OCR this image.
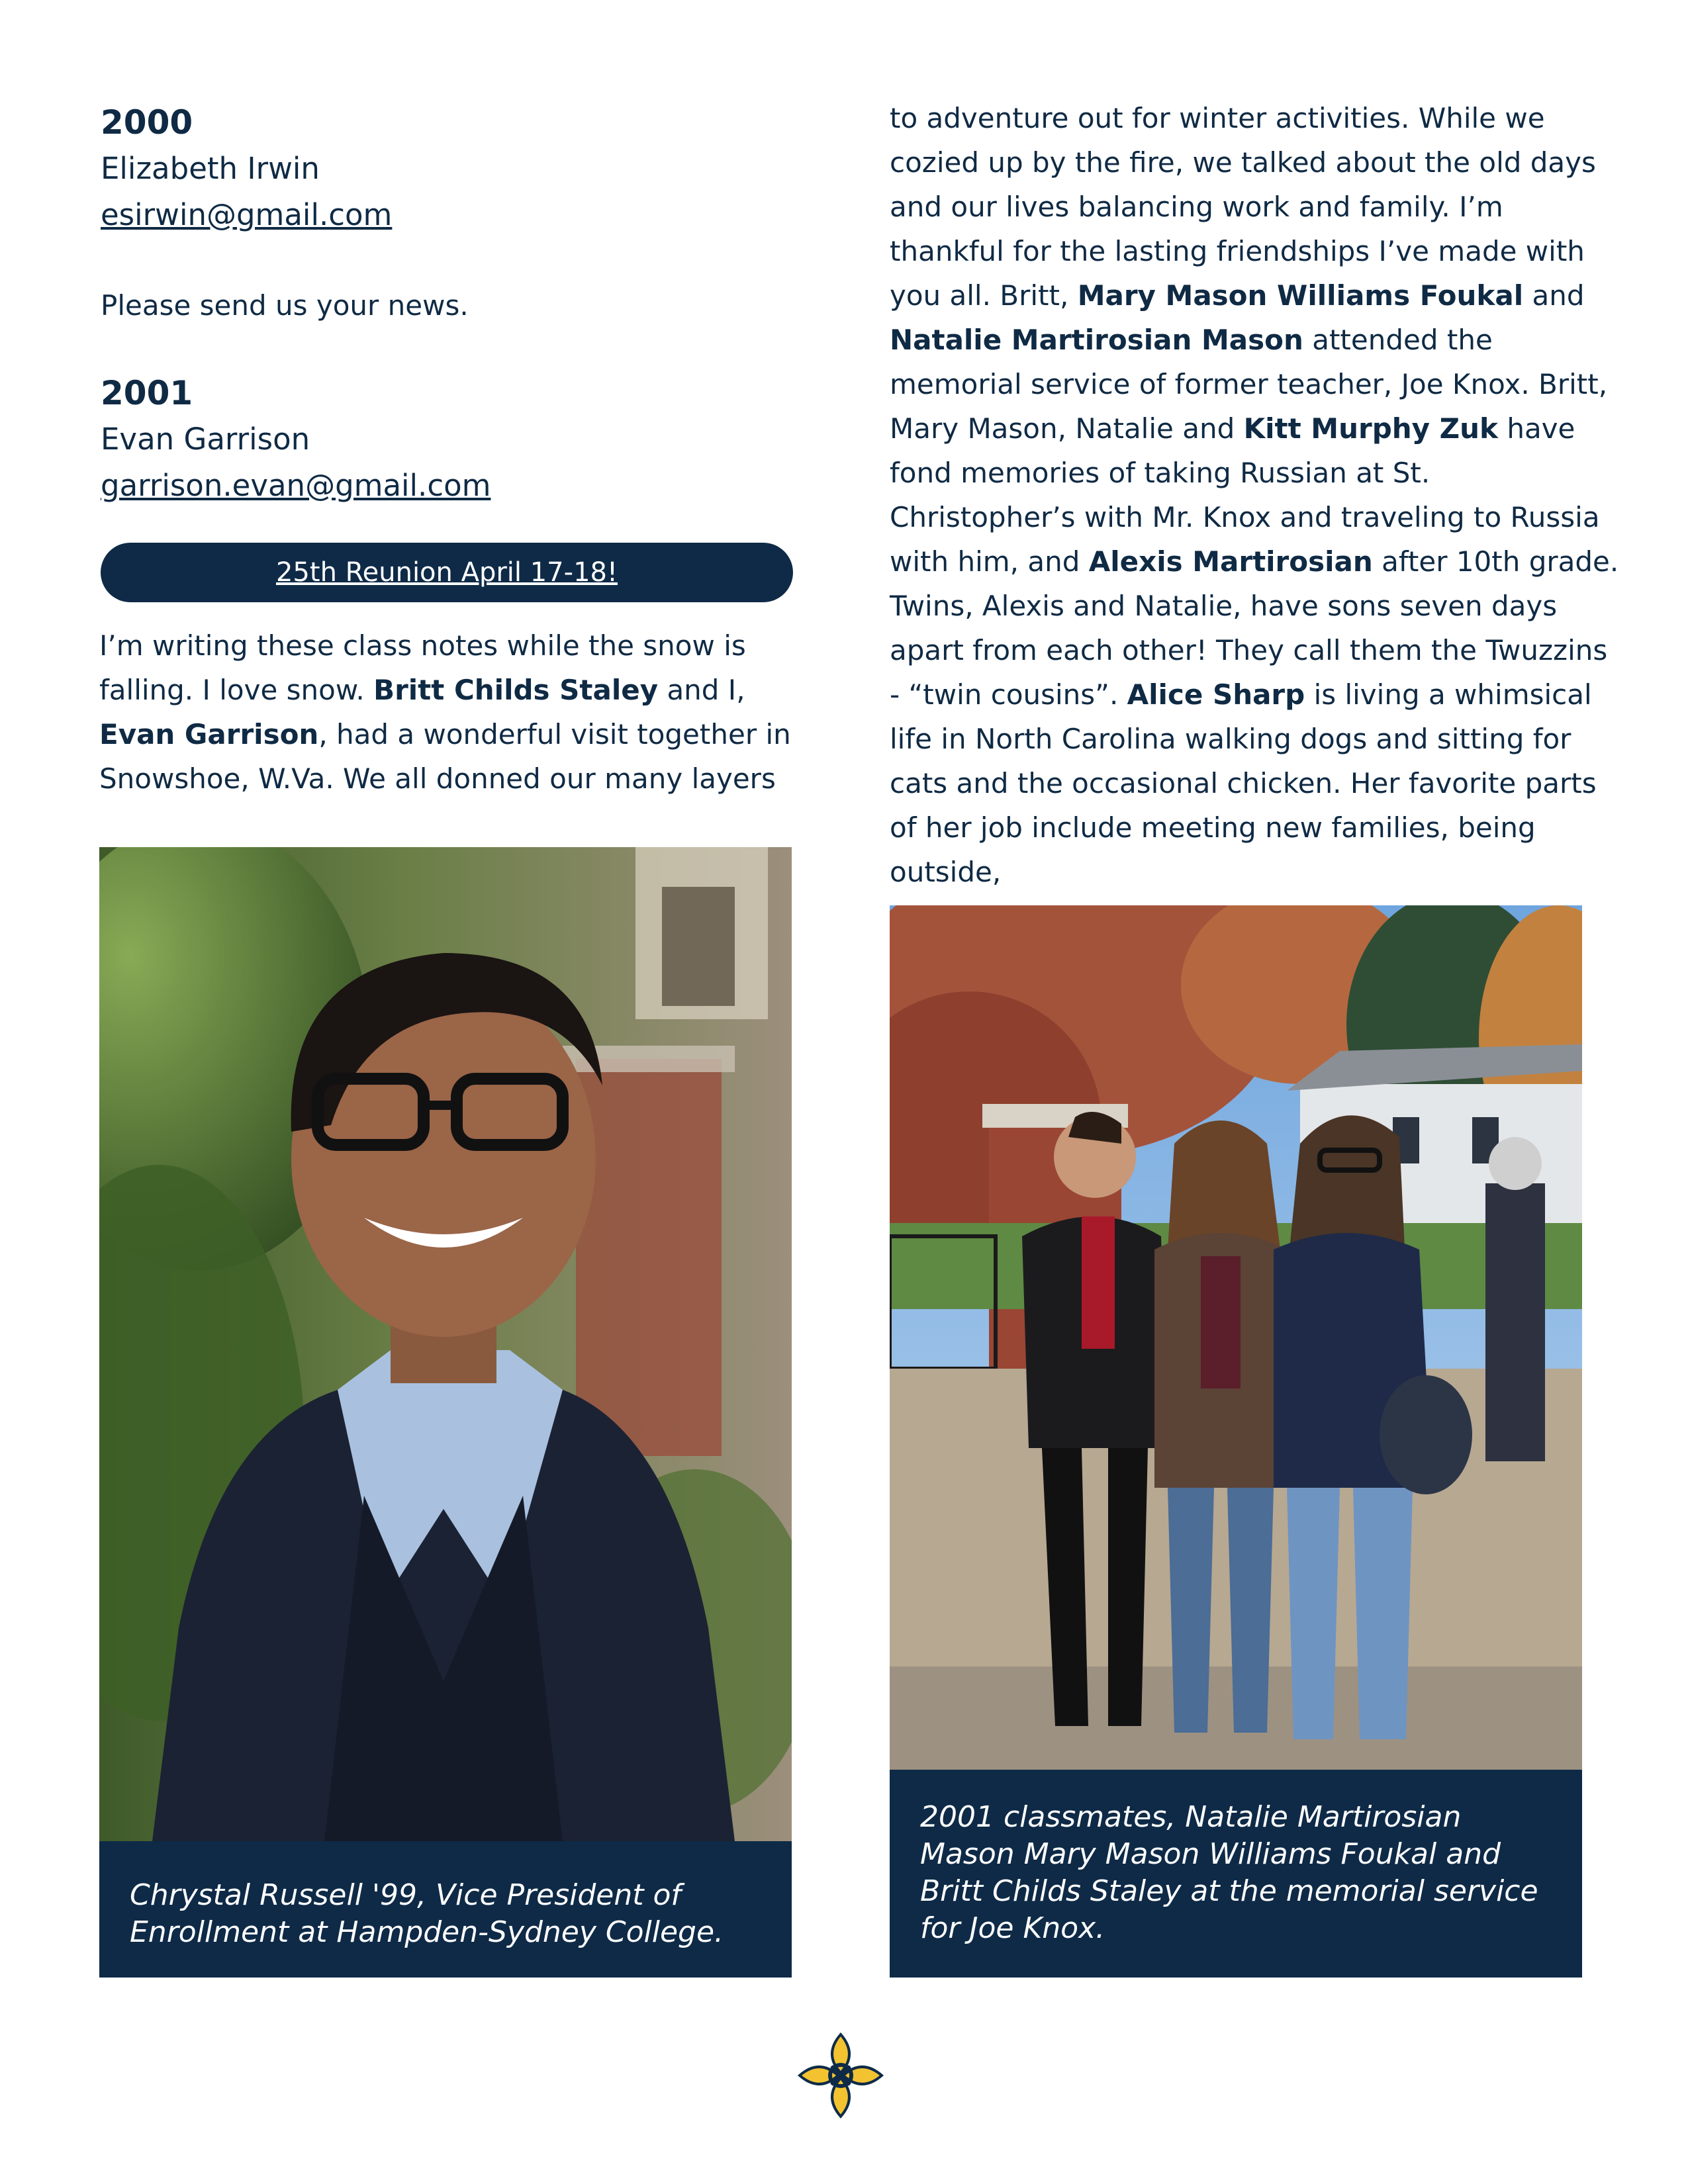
2000

Elizabeth Irwin

esirwin@gmail.com

Please send us your news.

2001

Evan Garrison

garrison.evan@gmail.com
25th Reunion April 17-18!

I’m writing these class notes while the snow is falling. I love snow. Britt Childs Staley and I, Evan Garrison, had a wonderful visit together in Snowshoe, W.Va. We all donned our many layers

to adventure out for winter activities. While we cozied up by the fire, we talked about the old days and our lives balancing work and family. I’m thankful for the lasting friendships I’ve made with you all. Britt, Mary Mason Williams Foukal and Natalie Martirosian Mason attended the memorial service of former teacher, Joe Knox. Britt, Mary Mason, Natalie and Kitt Murphy Zuk have fond memories of taking Russian at St. Christopher’s with Mr. Knox and traveling to Russia with him, and Alexis Martirosian after 10th grade. Twins, Alexis and Natalie, have sons seven days apart from each other! They call them the Twuzzins - “twin cousins”. Alice Sharp is living a whimsical life in North Carolina walking dogs and sitting for cats and the occasional chicken. Her favorite parts of her job include meeting new families, being outside,

Chrystal Russell '99, Vice President of Enrollment at Hampden-Sydney College.
2001 classmates, Natalie Martirosian Mason Mary Mason Williams Foukal and Britt Childs Staley at the memorial service for Joe Knox.
